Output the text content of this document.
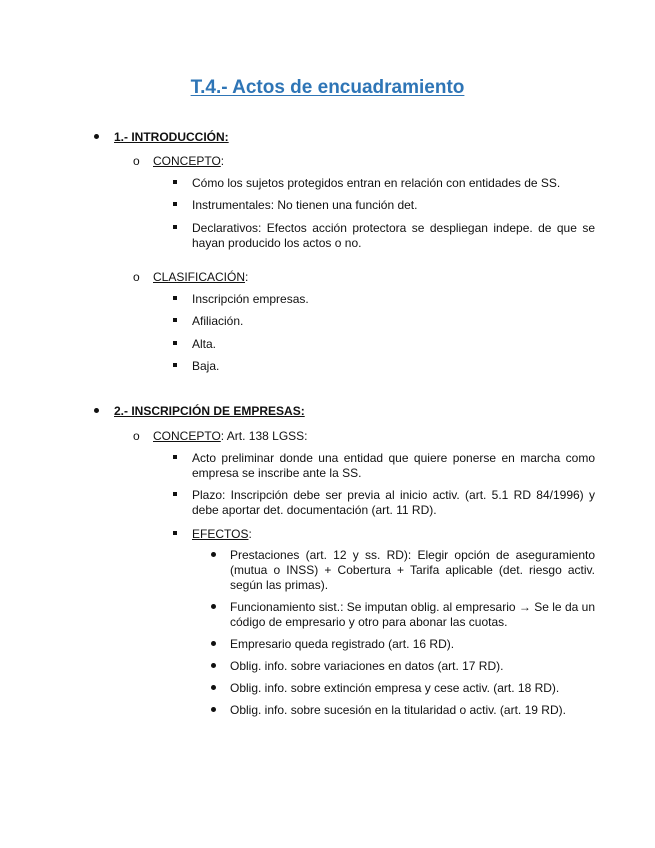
T.4.- Actos de encuadramiento
1.- INTRODUCCIÓN:
o CONCEPTO:
Cómo los sujetos protegidos entran en relación con entidades de SS.
Instrumentales: No tienen una función det.
Declarativos: Efectos acción protectora se despliegan indepe. de que se hayan producido los actos o no.
o CLASIFICACIÓN:
Inscripción empresas.
Afiliación.
Alta.
Baja.
2.- INSCRIPCIÓN DE EMPRESAS:
o CONCEPTO: Art. 138 LGSS:
Acto preliminar donde una entidad que quiere ponerse en marcha como empresa se inscribe ante la SS.
Plazo: Inscripción debe ser previa al inicio activ. (art. 5.1 RD 84/1996) y debe aportar det. documentación (art. 11 RD).
EFECTOS:
Prestaciones (art. 12 y ss. RD): Elegir opción de aseguramiento (mutua o INSS) + Cobertura + Tarifa aplicable (det. riesgo activ. según las primas).
Funcionamiento sist.: Se imputan oblig. al empresario → Se le da un código de empresario y otro para abonar las cuotas.
Empresario queda registrado (art. 16 RD).
Oblig. info. sobre variaciones en datos (art. 17 RD).
Oblig. info. sobre extinción empresa y cese activ. (art. 18 RD).
Oblig. info. sobre sucesión en la titularidad o activ. (art. 19 RD).
